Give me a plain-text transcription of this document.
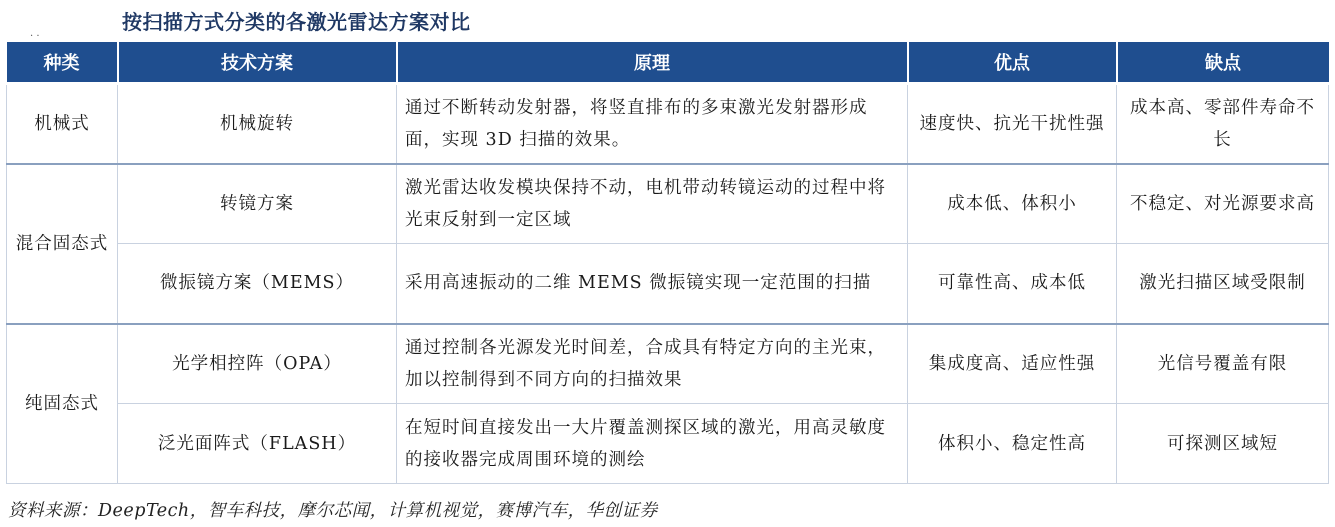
按扫描方式分类的各激光雷达方案对比
. .
种类	技术方案	原理	优点	缺点
机械式	机械旋转	通过不断转动发射器，将竖直排布的多束激光发射器形成面，实现 3D 扫描的效果。	速度快、抗光干扰性强	成本高、零部件寿命不长
混合固态式	转镜方案	激光雷达收发模块保持不动，电机带动转镜运动的过程中将光束反射到一定区域	成本低、体积小	不稳定、对光源要求高
	微振镜方案（MEMS）	采用高速振动的二维 MEMS 微振镜实现一定范围的扫描	可靠性高、成本低	激光扫描区域受限制
纯固态式	光学相控阵（OPA）	通过控制各光源发光时间差，合成具有特定方向的主光束，加以控制得到不同方向的扫描效果	集成度高、适应性强	光信号覆盖有限
	泛光面阵式（FLASH）	在短时间直接发出一大片覆盖测探区域的激光，用高灵敏度的接收器完成周围环境的测绘	体积小、稳定性高	可探测区域短
资料来源：DeepTech，智车科技，摩尔芯闻，计算机视觉，赛博汽车，华创证券
